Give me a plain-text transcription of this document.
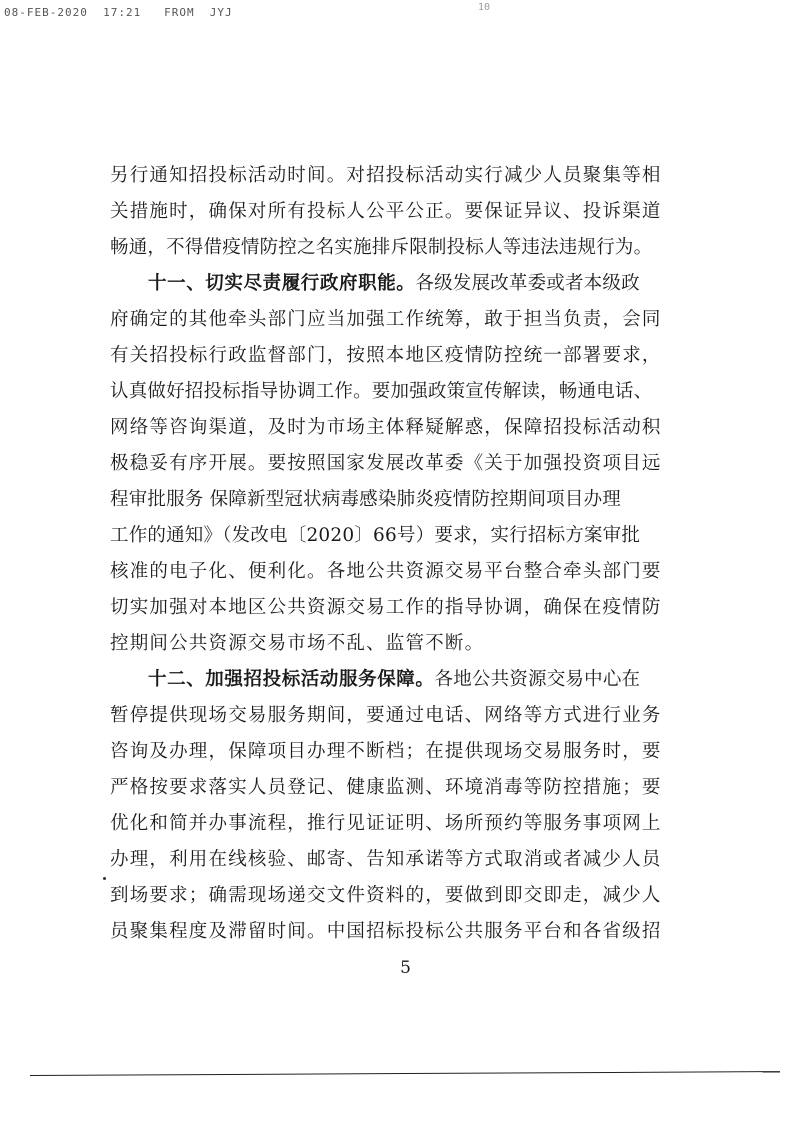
08-FEB-2020  17:21   FROM  JYJ	10
另行通知招投标活动时间。对招投标活动实行减少人员聚集等相
关措施时，确保对所有投标人公平公正。要保证异议、投诉渠道
畅通，不得借疫情防控之名实施排斥限制投标人等违法违规行为。
十一、切实尽责履行政府职能。各级发展改革委或者本级政
府确定的其他牵头部门应当加强工作统筹，敢于担当负责，会同
有关招投标行政监督部门，按照本地区疫情防控统一部署要求，
认真做好招投标指导协调工作。要加强政策宣传解读，畅通电话、
网络等咨询渠道，及时为市场主体释疑解惑，保障招投标活动积
极稳妥有序开展。要按照国家发展改革委《关于加强投资项目远
程审批服务 保障新型冠状病毒感染肺炎疫情防控期间项目办理
工作的通知》（发改电〔2020〕66号）要求，实行招标方案审批
核准的电子化、便利化。各地公共资源交易平台整合牵头部门要
切实加强对本地区公共资源交易工作的指导协调，确保在疫情防
控期间公共资源交易市场不乱、监管不断。
十二、加强招投标活动服务保障。各地公共资源交易中心在
暂停提供现场交易服务期间，要通过电话、网络等方式进行业务
咨询及办理，保障项目办理不断档；在提供现场交易服务时，要
严格按要求落实人员登记、健康监测、环境消毒等防控措施；要
优化和简并办事流程，推行见证证明、场所预约等服务事项网上
办理，利用在线核验、邮寄、告知承诺等方式取消或者减少人员
到场要求；确需现场递交文件资料的，要做到即交即走，减少人
员聚集程度及滞留时间。中国招标投标公共服务平台和各省级招
5
